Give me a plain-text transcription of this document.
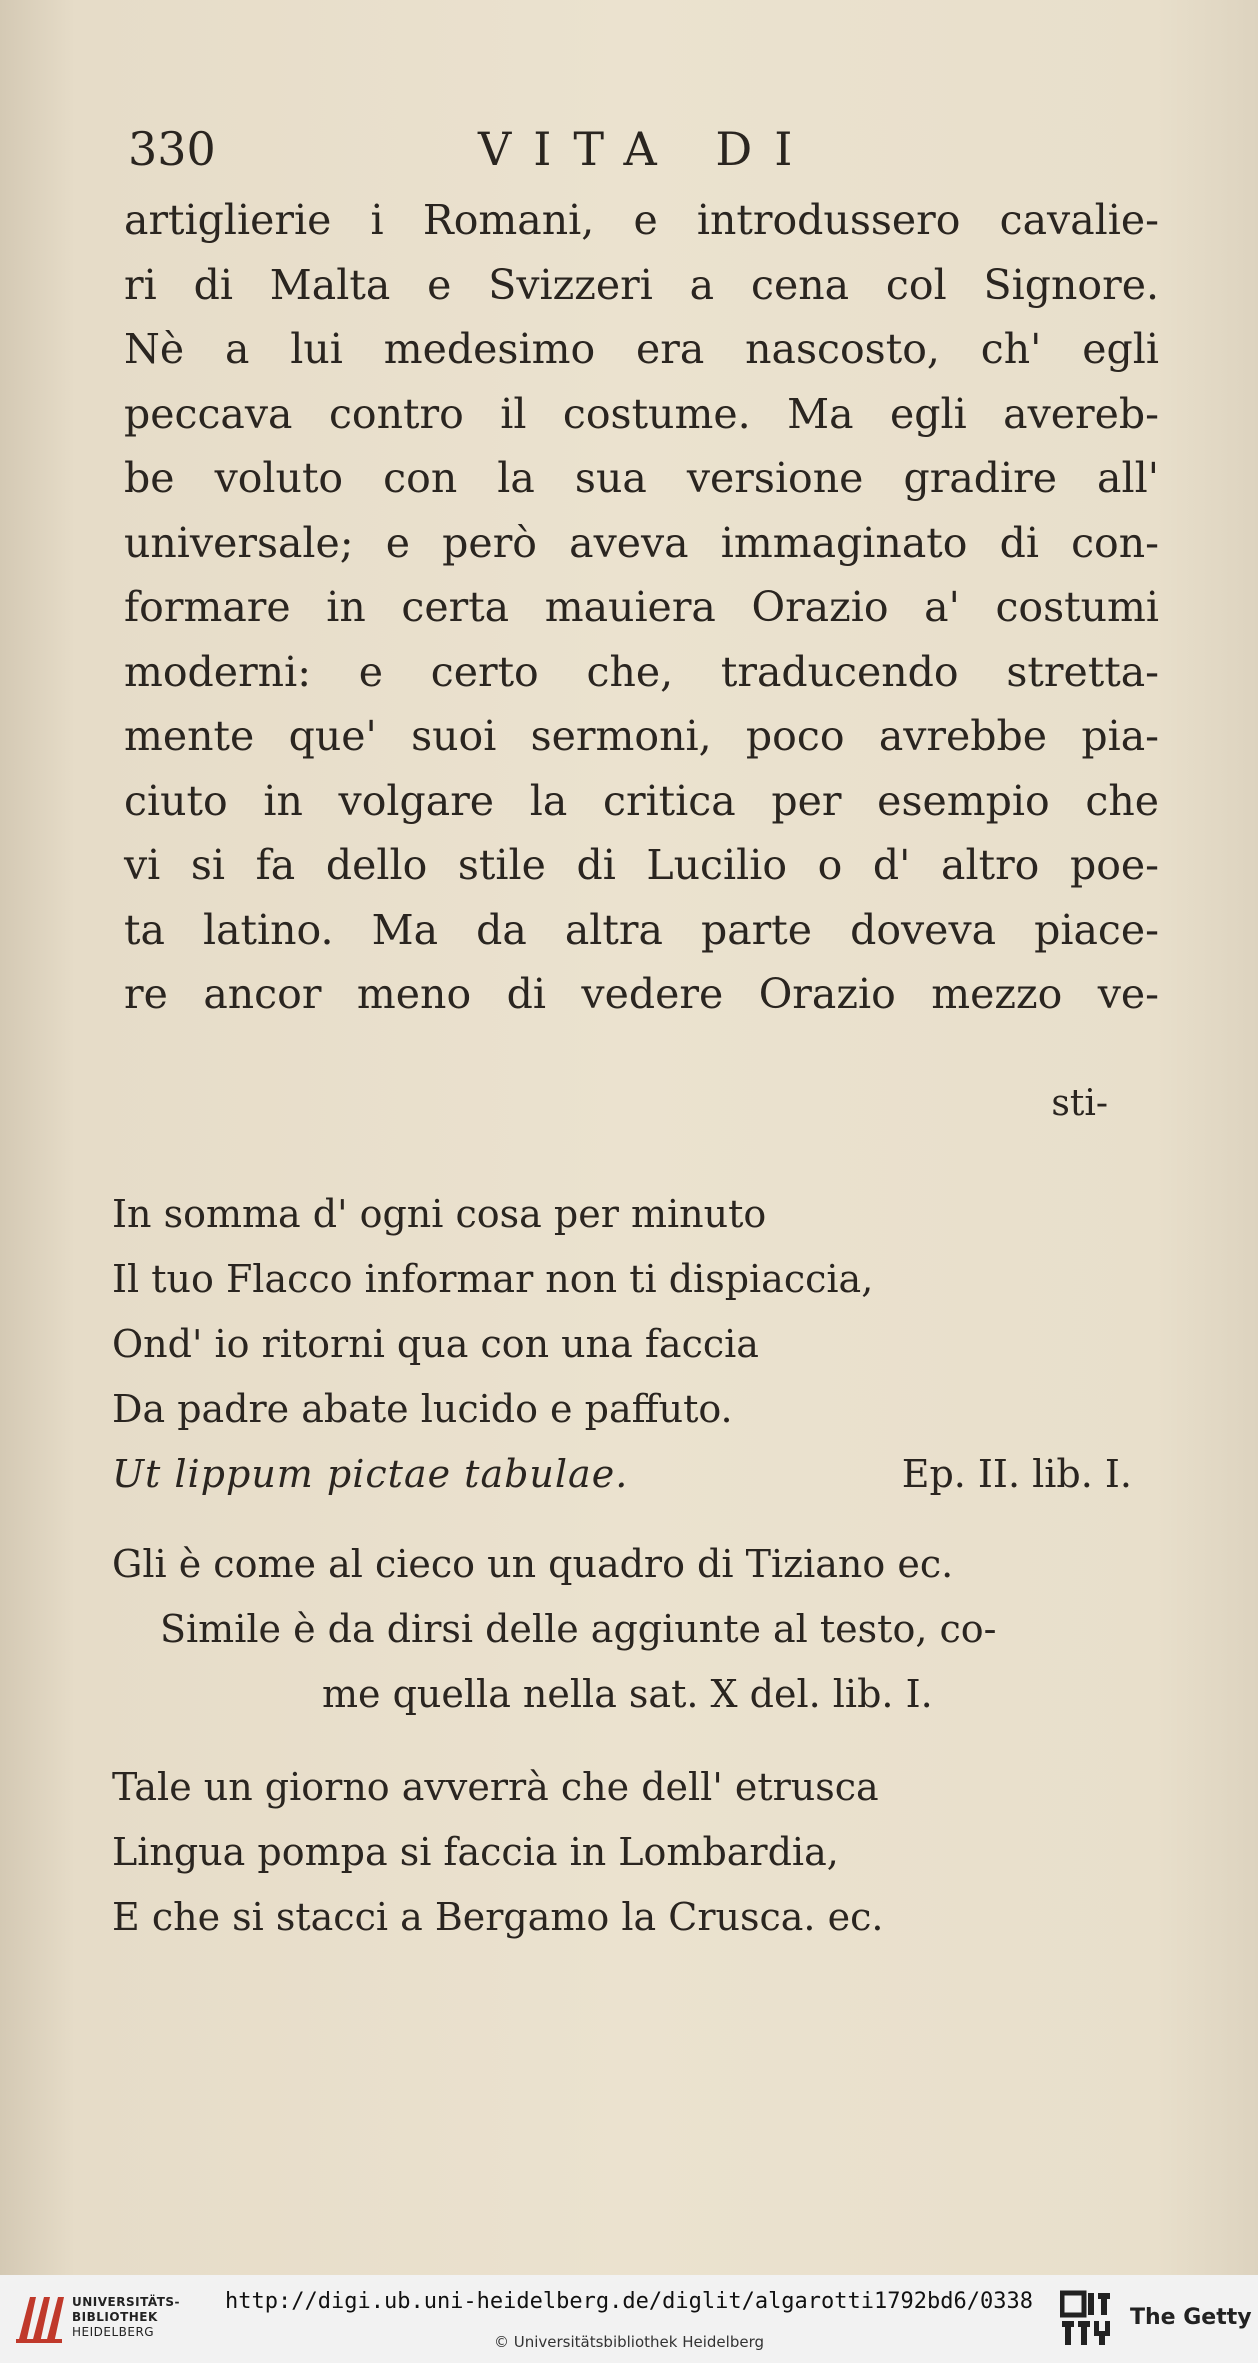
330	VITA DI
artiglierie i Romani, e introdussero cavalie-
ri di Malta e Svizzeri a cena col Signore.
Nè a lui medesimo era nascosto, ch' egli
peccava contro il costume. Ma egli avereb-
be voluto con la sua versione gradire all'
universale; e però aveva immaginato di con-
formare in certa mauiera Orazio a' costumi
moderni: e certo che, traducendo stretta-
mente que' suoi sermoni, poco avrebbe pia-
ciuto in volgare la critica per esempio che
vi si fa dello stile di Lucilio o d' altro poe-
ta latino. Ma da altra parte doveva piace-
re ancor meno di vedere Orazio mezzo ve-
sti-
In somma d' ogni cosa per minuto
Il tuo Flacco informar non ti dispiaccia,
Ond' io ritorni qua con una faccia
Da padre abate lucido e paffuto.
Ut lippum pictae tabulae.	Ep. II. lib. I.
Gli è come al cieco un quadro di Tiziano ec.
Simile è da dirsi delle aggiunte al testo, co-
me quella nella sat. X del. lib. I.
Tale un giorno avverrà che dell' etrusca
Lingua pompa si faccia in Lombardia,
E che si stacci a Bergamo la Crusca. ec.
UNIVERSITÄTS-
BIBLIOTHEK
HEIDELBERG
http://digi.ub.uni-heidelberg.de/diglit/algarotti1792bd6/0338
© Universitätsbibliothek Heidelberg
The Getty
